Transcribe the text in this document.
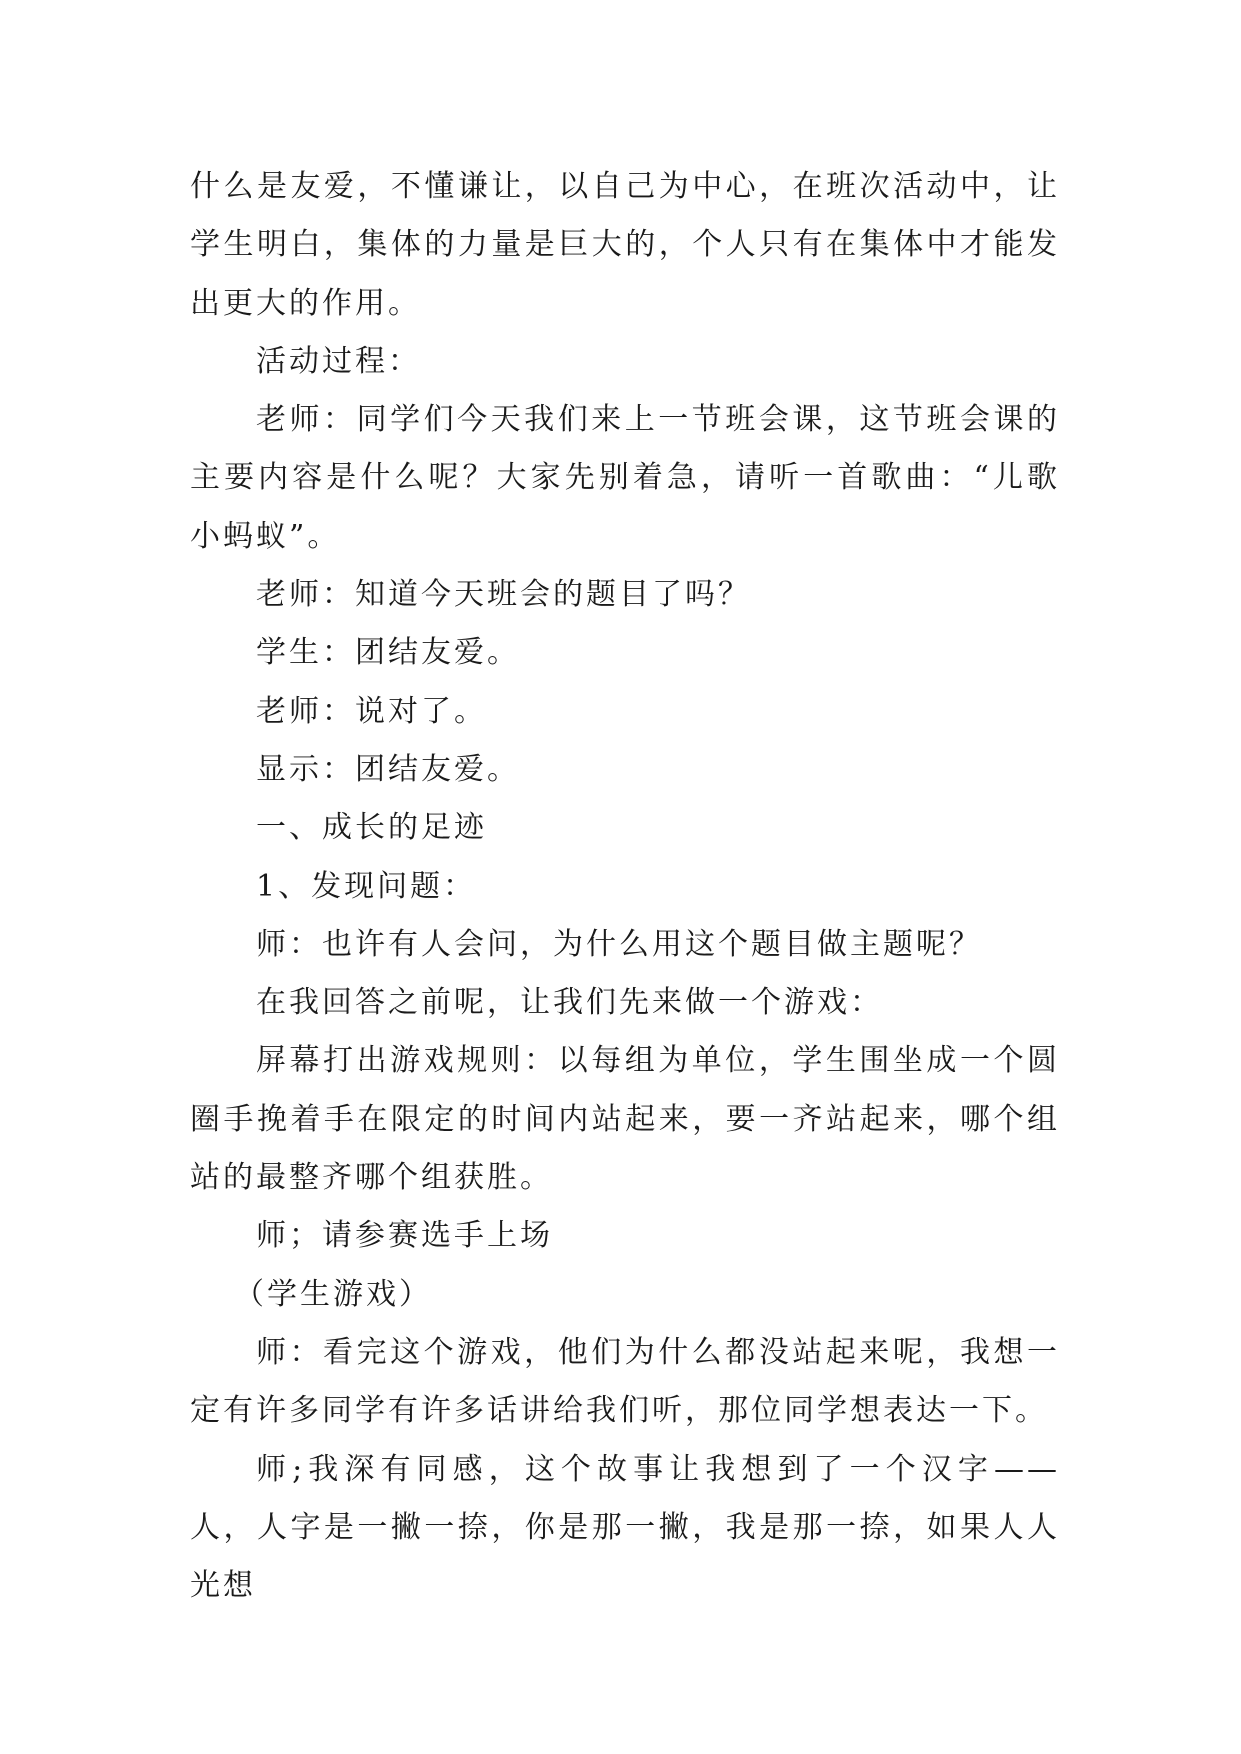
什么是友爱，不懂谦让，以自己为中心，在班次活动中，让学生明白，集体的力量是巨大的，个人只有在集体中才能发出更大的作用。

活动过程：

老师：同学们今天我们来上一节班会课，这节班会课的主要内容是什么呢？大家先别着急，请听一首歌曲：“儿歌小蚂蚁”。

老师：知道今天班会的题目了吗？

学生：团结友爱。

老师：说对了。

显示：团结友爱。

一、成长的足迹

1、发现问题：

师：也许有人会问，为什么用这个题目做主题呢？

在我回答之前呢，让我们先来做一个游戏：

屏幕打出游戏规则：以每组为单位，学生围坐成一个圆圈手挽着手在限定的时间内站起来，要一齐站起来，哪个组站的最整齐哪个组获胜。

师；请参赛选手上场

（学生游戏）

师：看完这个游戏，他们为什么都没站起来呢，我想一定有许多同学有许多话讲给我们听，那位同学想表达一下。

师;我深有同感，这个故事让我想到了一个汉字——人，人字是一撇一捺，你是那一撇，我是那一捺，如果人人光想
